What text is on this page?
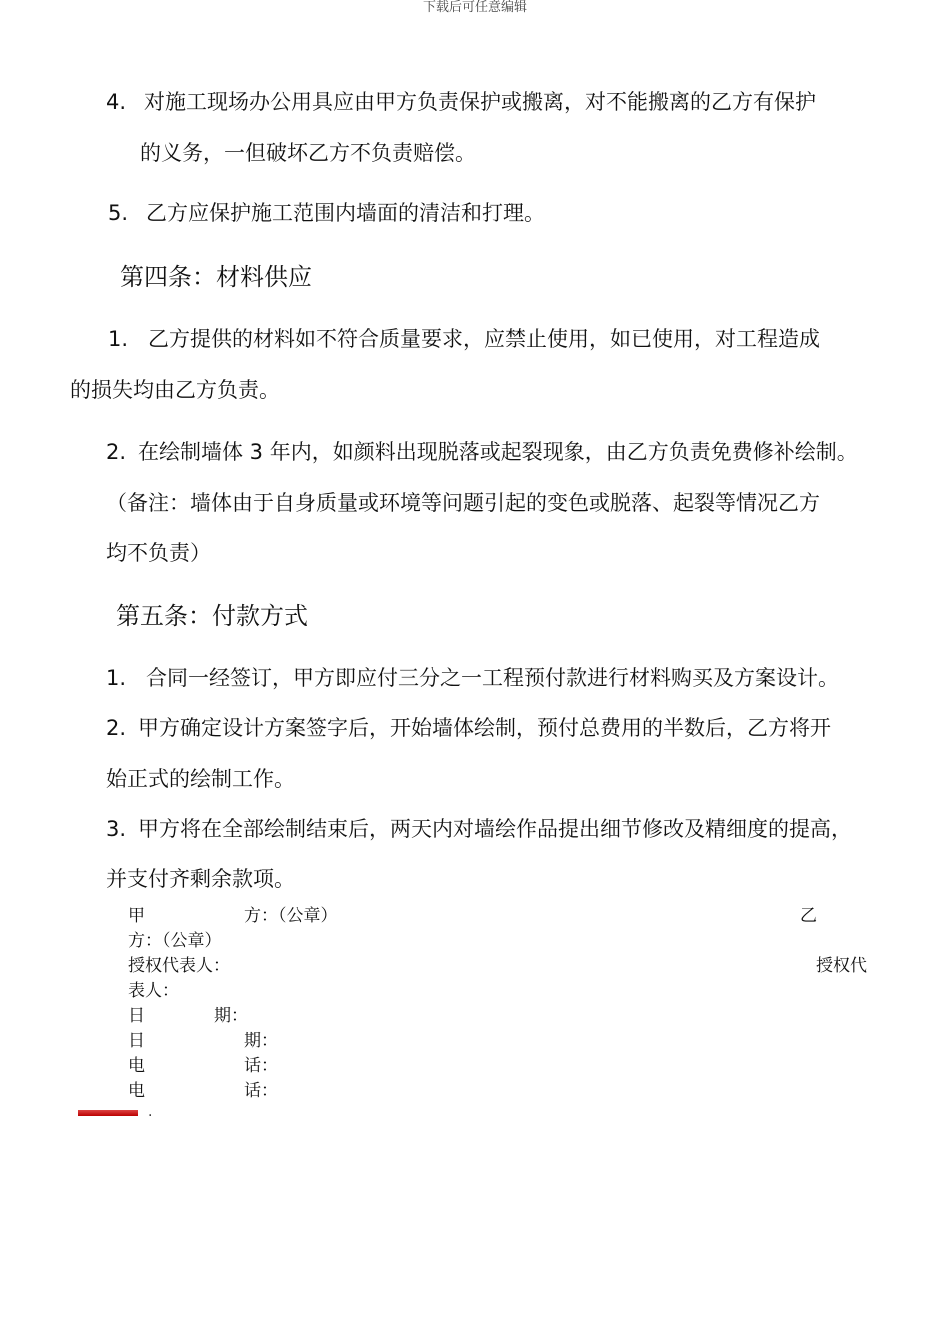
下载后可任意编辑
4. 对施工现场办公用具应由甲方负责保护或搬离，对不能搬离的乙方有保护
的义务，一但破坏乙方不负责赔偿。
5. 乙方应保护施工范围内墙面的清洁和打理。
第四条：材料供应
1. 乙方提供的材料如不符合质量要求，应禁止使用，如已使用，对工程造成
的损失均由乙方负责。
2. 在绘制墙体 3 年内，如颜料出现脱落或起裂现象，由乙方负责免费修补绘制。
（备注：墙体由于自身质量或环境等问题引起的变色或脱落、起裂等情况乙方
均不负责）
第五条：付款方式
1. 合同一经签订，甲方即应付三分之一工程预付款进行材料购买及方案设计。
2. 甲方确定设计方案签字后，开始墙体绘制，预付总费用的半数后，乙方将开
始正式的绘制工作。
3. 甲方将在全部绘制结束后，两天内对墙绘作品提出细节修改及精细度的提高，
并支付齐剩余款项。
甲	方：（公章）	乙
方：（公章）
授权代表人：	授权代
表人：
日	期：
日	期：
电	话：
电	话：
.
